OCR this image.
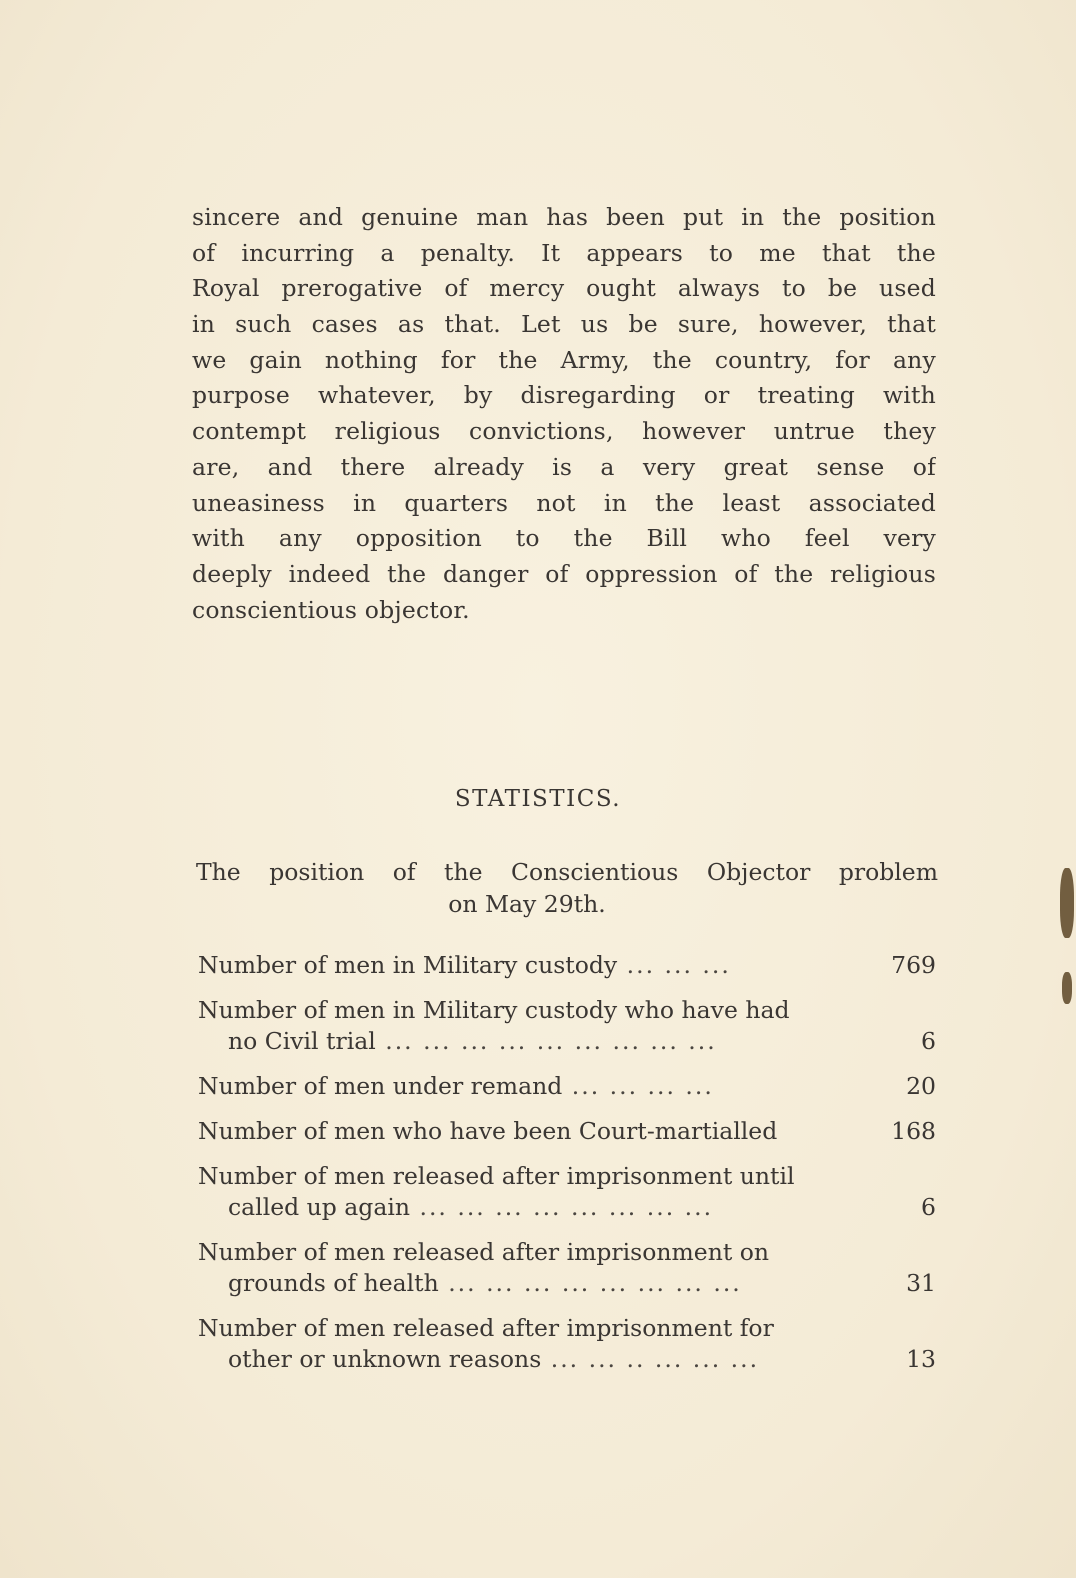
sincere and genuine man has been put in the position
of incurring a penalty. It appears to me that the
Royal prerogative of mercy ought always to be used
in such cases as that. Let us be sure, however, that
we gain nothing for the Army, the country, for any
purpose whatever, by disregarding or treating with
contempt religious convictions, however untrue they
are, and there already is a very great sense of
uneasiness in quarters not in the least associated
with any opposition to the Bill who feel very
deeply indeed the danger of oppression of the religious
conscientious objector.
STATISTICS.
The position of the Conscientious Objector problem
on May 29th.
Number of men in Military custody ... ... ...	769
Number of men in Military custody who have had
no Civil trial ... ... ... ... ... ... ... ... ...	6
Number of men under remand ... ... ... ...	20
Number of men who have been Court-martialled	168
Number of men released after imprisonment until
called up again ... ... ... ... ... ... ... ...	6
Number of men released after imprisonment on
grounds of health ... ... ... ... ... ... ... ...	31
Number of men released after imprisonment for
other or unknown reasons ... ... .. ... ... ...	13
